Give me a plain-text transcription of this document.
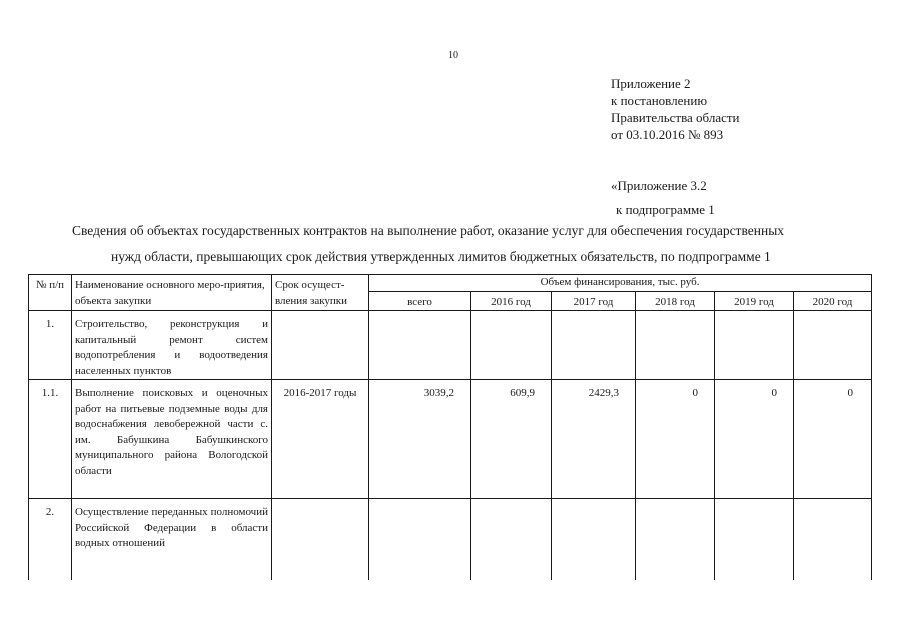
10
Приложение 2
к постановлению
Правительства области
от 03.10.2016 № 893
«Приложение 3.2
к подпрограмме 1
Сведения об объектах государственных контрактов на выполнение работ, оказание услуг для обеспечения государственных
нужд области, превышающих срок действия утвержденных лимитов бюджетных обязательств, по подпрограмме 1
№ п/п	Наименование основного меро-приятия, объекта закупки	Срок осущест-вления закупки	Объем финансирования, тыс. руб.					
			всего	2016 год	2017 год	2018 год	2019 год	2020 год
1.	Строительство, реконструкция и капитальный ремонт систем водопотребления и водоотведения населенных пунктов							
1.1.	Выполнение поисковых и оценочных работ на питьевые подземные воды для водоснабжения левобережной части с. им. Бабушкина Бабушкинского муниципального района Вологодской области	2016-2017 годы	3039,2	609,9	2429,3	0	0	0
2.	Осуществление переданных полномочий Российской Федерации в области водных отношений							
